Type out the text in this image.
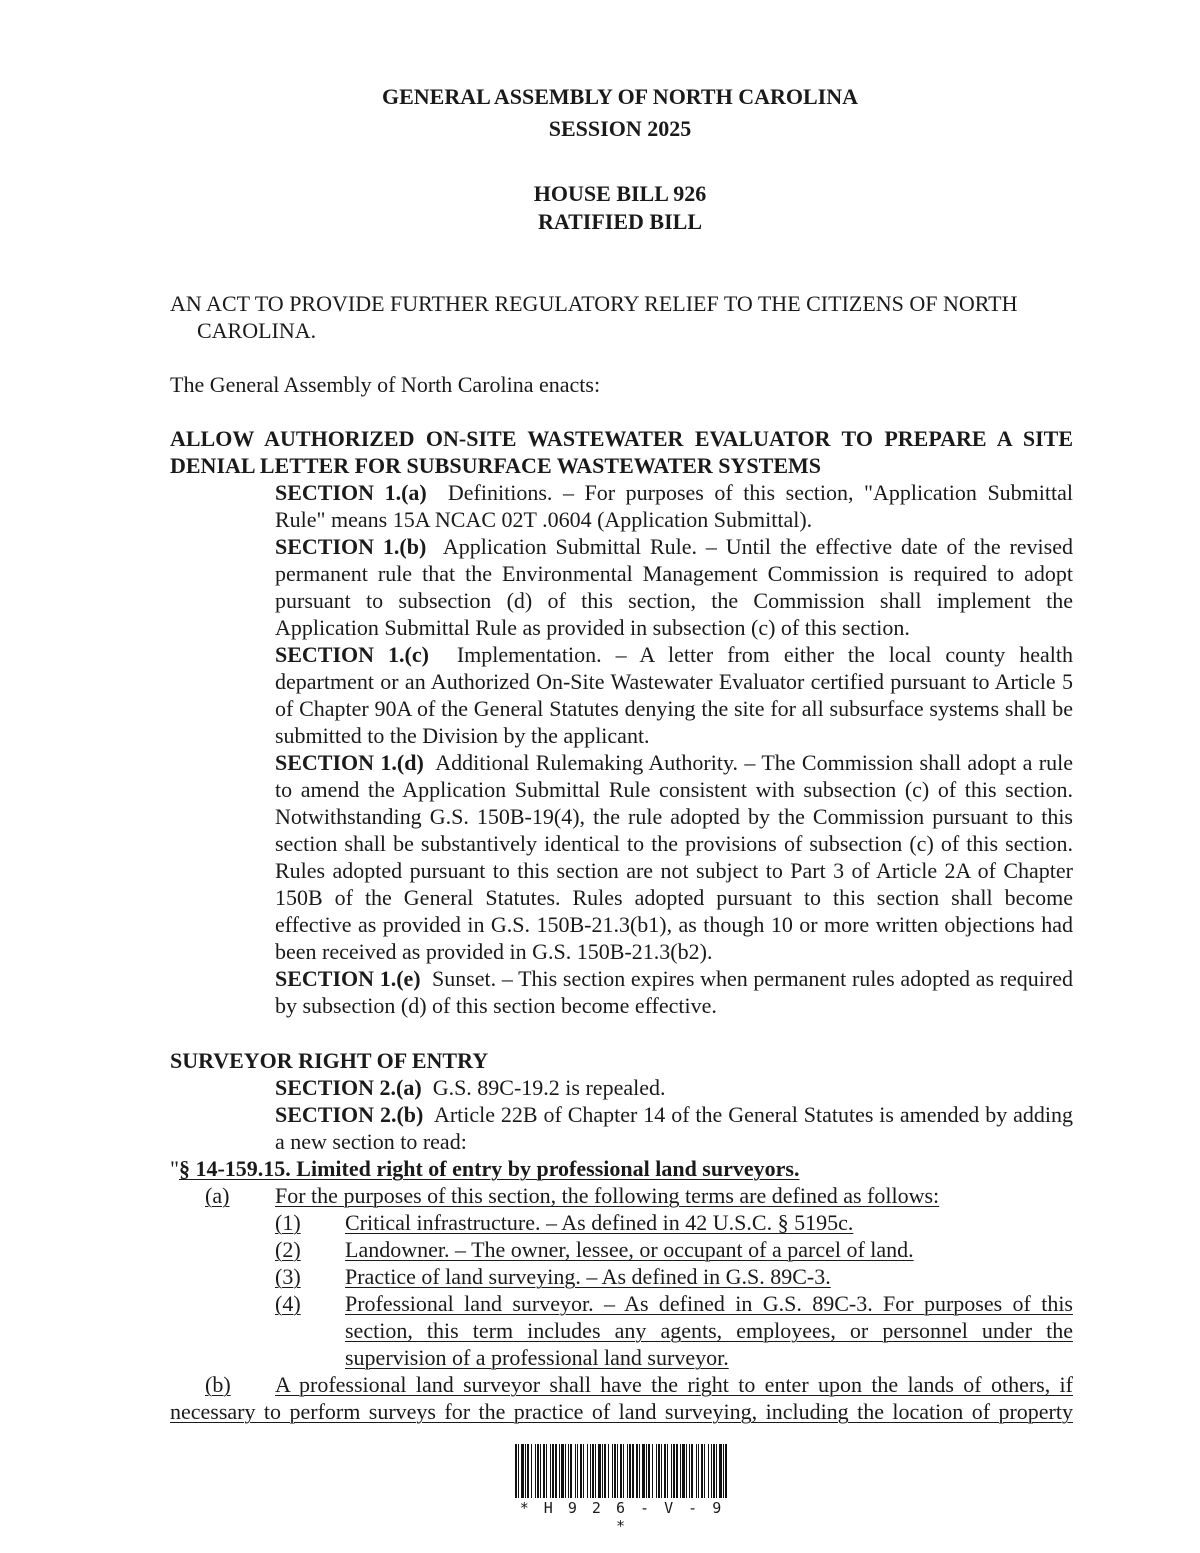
GENERAL ASSEMBLY OF NORTH CAROLINA
SESSION 2025
HOUSE BILL 926
RATIFIED BILL
AN ACT TO PROVIDE FURTHER REGULATORY RELIEF TO THE CITIZENS OF NORTH CAROLINA.
The General Assembly of North Carolina enacts:
ALLOW AUTHORIZED ON-SITE WASTEWATER EVALUATOR TO PREPARE A SITE DENIAL LETTER FOR SUBSURFACE WASTEWATER SYSTEMS
SECTION 1.(a) Definitions. – For purposes of this section, "Application Submittal Rule" means 15A NCAC 02T .0604 (Application Submittal).
SECTION 1.(b) Application Submittal Rule. – Until the effective date of the revised permanent rule that the Environmental Management Commission is required to adopt pursuant to subsection (d) of this section, the Commission shall implement the Application Submittal Rule as provided in subsection (c) of this section.
SECTION 1.(c) Implementation. – A letter from either the local county health department or an Authorized On-Site Wastewater Evaluator certified pursuant to Article 5 of Chapter 90A of the General Statutes denying the site for all subsurface systems shall be submitted to the Division by the applicant.
SECTION 1.(d) Additional Rulemaking Authority. – The Commission shall adopt a rule to amend the Application Submittal Rule consistent with subsection (c) of this section. Notwithstanding G.S. 150B-19(4), the rule adopted by the Commission pursuant to this section shall be substantively identical to the provisions of subsection (c) of this section. Rules adopted pursuant to this section are not subject to Part 3 of Article 2A of Chapter 150B of the General Statutes. Rules adopted pursuant to this section shall become effective as provided in G.S. 150B-21.3(b1), as though 10 or more written objections had been received as provided in G.S. 150B-21.3(b2).
SECTION 1.(e) Sunset. – This section expires when permanent rules adopted as required by subsection (d) of this section become effective.
SURVEYOR RIGHT OF ENTRY
SECTION 2.(a) G.S. 89C-19.2 is repealed.
SECTION 2.(b) Article 22B of Chapter 14 of the General Statutes is amended by adding a new section to read:
"§ 14-159.15. Limited right of entry by professional land surveyors.
(a) For the purposes of this section, the following terms are defined as follows:
(1) Critical infrastructure. – As defined in 42 U.S.C. § 5195c.
(2) Landowner. – The owner, lessee, or occupant of a parcel of land.
(3) Practice of land surveying. – As defined in G.S. 89C-3.
(4) Professional land surveyor. – As defined in G.S. 89C-3. For purposes of this section, this term includes any agents, employees, or personnel under the supervision of a professional land surveyor.
(b)	A professional land surveyor shall have the right to enter upon the lands of others, if necessary to perform surveys for the practice of land surveying, including the location of property
* H 9 2 6 - V - 9 *
